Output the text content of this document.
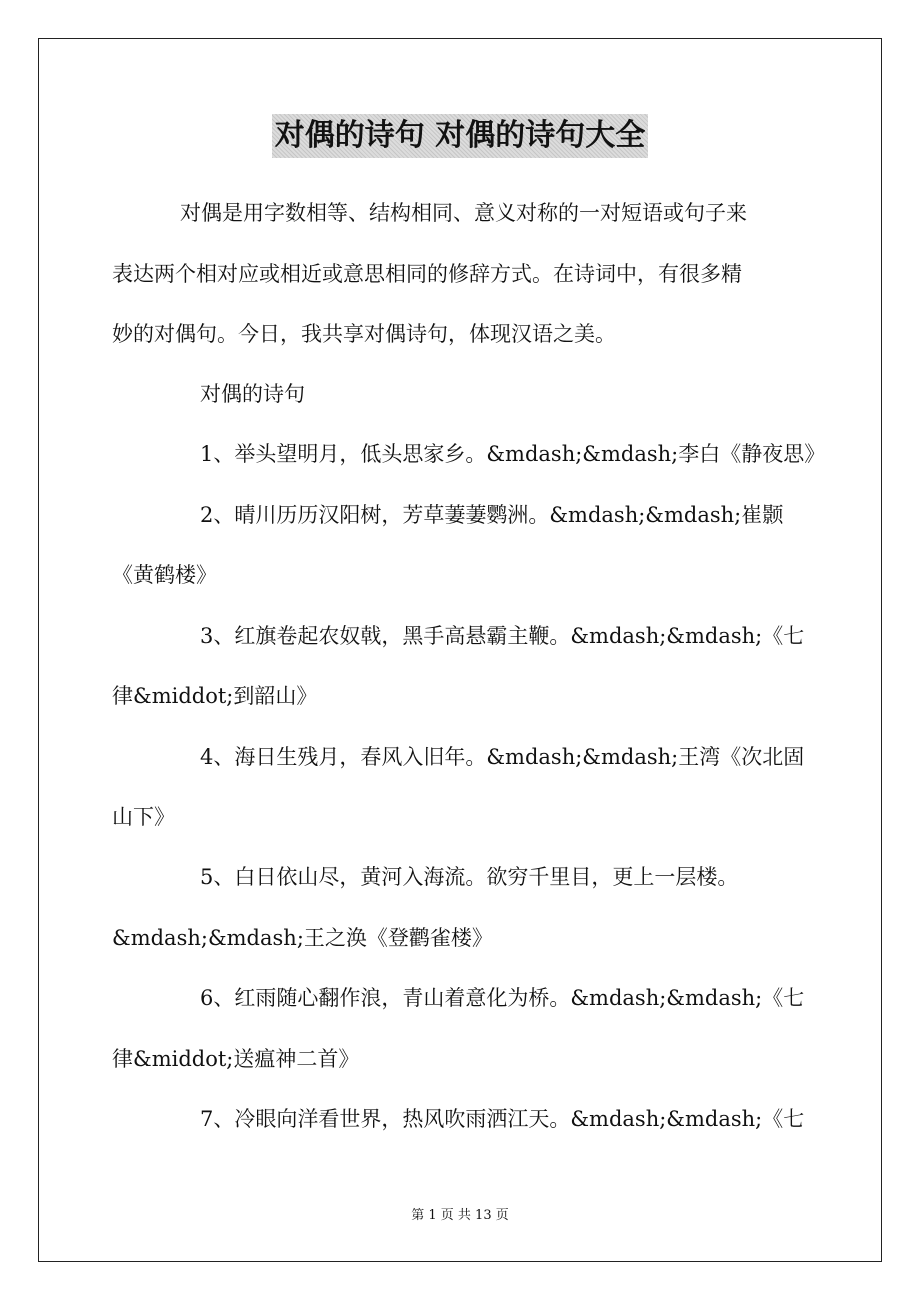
对偶的诗句 对偶的诗句大全
对偶是用字数相等、结构相同、意义对称的一对短语或句子来
表达两个相对应或相近或意思相同的修辞方式。在诗词中，有很多精
妙的对偶句。今日，我共享对偶诗句，体现汉语之美。
对偶的诗句
1、举头望明月，低头思家乡。&mdash;&mdash;李白《静夜思》
2、晴川历历汉阳树，芳草萋萋鹦洲。&mdash;&mdash;崔颢
《黄鹤楼》
3、红旗卷起农奴戟，黑手高悬霸主鞭。&mdash;&mdash;《七
律&middot;到韶山》
4、海日生残月，春风入旧年。&mdash;&mdash;王湾《次北固
山下》
5、白日依山尽，黄河入海流。欲穷千里目，更上一层楼。
&mdash;&mdash;王之涣《登鹳雀楼》
6、红雨随心翻作浪，青山着意化为桥。&mdash;&mdash;《七
律&middot;送瘟神二首》
7、冷眼向洋看世界，热风吹雨洒江天。&mdash;&mdash;《七
第 1 页 共 13 页
